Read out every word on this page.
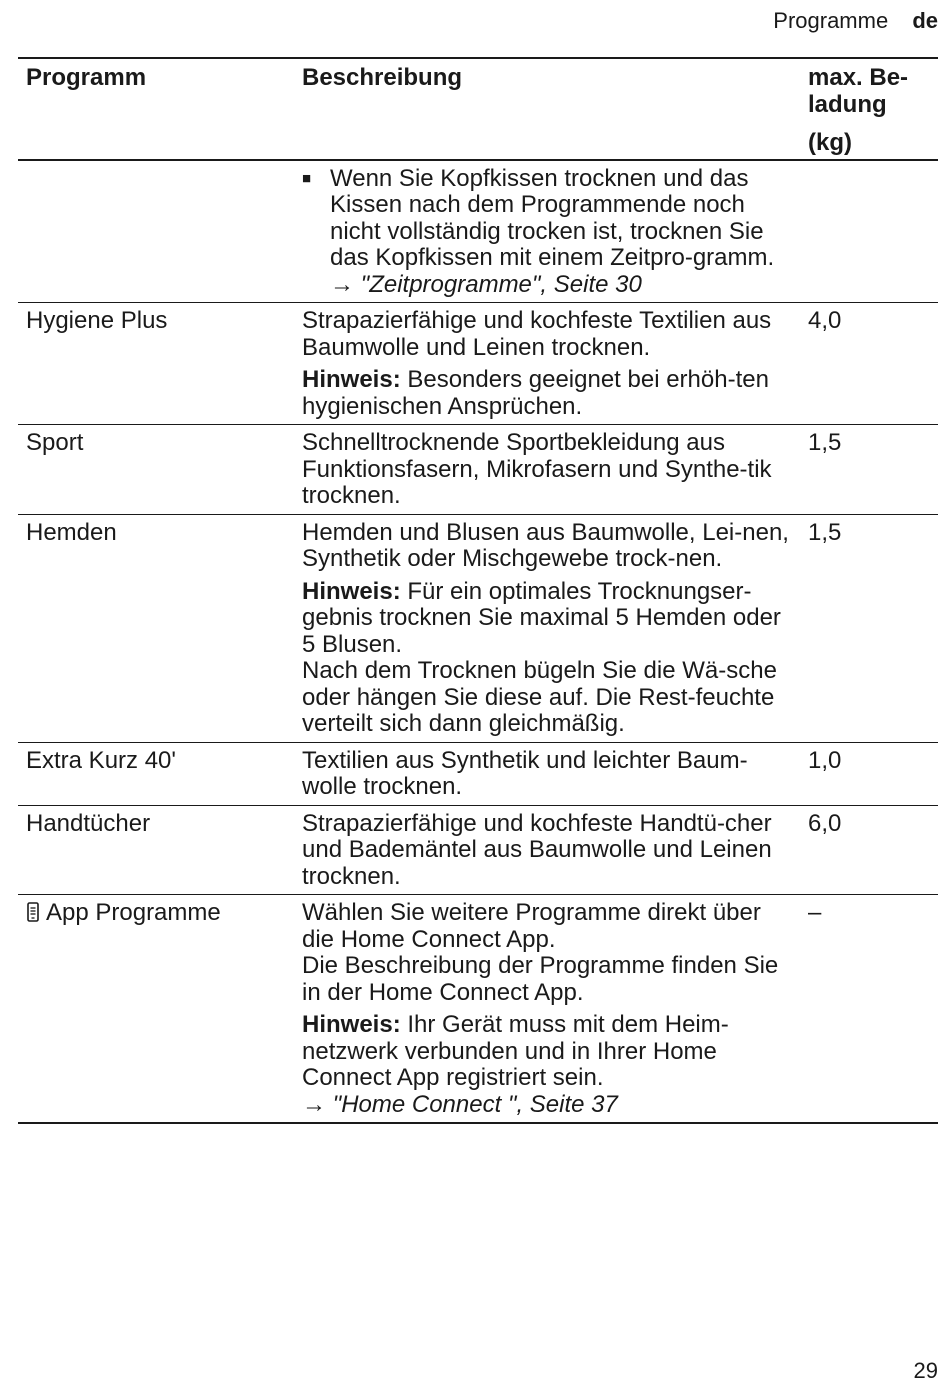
Programme de
Programm	Beschreibung	max. Be-
ladung
(kg)

	■ Wenn Sie Kopfkissen trocknen und das Kissen nach dem Programmende noch nicht vollständig trocken ist, trocknen Sie das Kopfkissen mit einem Zeitpro-gramm.
→ "Zeitprogramme", Seite 30	

Hygiene Plus	Strapazierfähige und kochfeste Textilien aus Baumwolle und Leinen trocknen.

Hinweis: Besonders geeignet bei erhöh-ten hygienischen Ansprüchen.	4,0
Sport	Schnelltrocknende Sportbekleidung aus Funktionsfasern, Mikrofasern und Synthe-tik trocknen.	1,5
Hemden	Hemden und Blusen aus Baumwolle, Lei-nen, Synthetik oder Mischgewebe trock-nen.

Hinweis: Für ein optimales Trocknungser-gebnis trocknen Sie maximal 5 Hemden oder 5 Blusen.
Nach dem Trocknen bügeln Sie die Wä-sche oder hängen Sie diese auf. Die Rest-feuchte verteilt sich dann gleichmäßig.	1,5
Extra Kurz 40'	Textilien aus Synthetik und leichter Baum-wolle trocknen.	1,0
Handtücher	Strapazierfähige und kochfeste Handtü-cher und Bademäntel aus Baumwolle und Leinen trocknen.	6,0
App Programme	Wählen Sie weitere Programme direkt über die Home Connect App.
Die Beschreibung der Programme finden Sie in der Home Connect App.

Hinweis: Ihr Gerät muss mit dem Heim-netzwerk verbunden und in Ihrer Home Connect App registriert sein.
→ "Home Connect ", Seite 37	–
29
